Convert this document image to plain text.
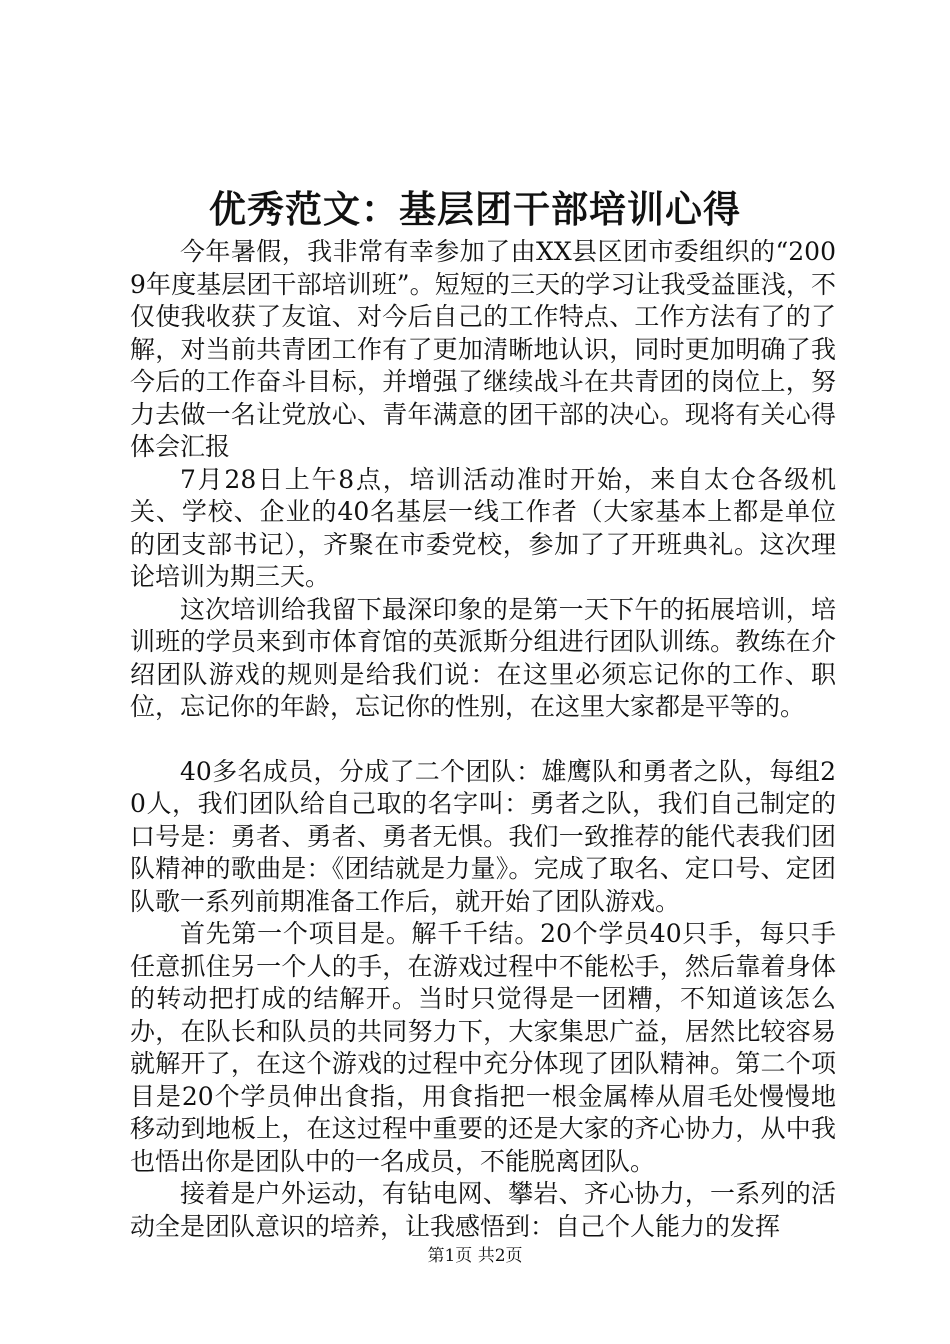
优秀范文：基层团干部培训心得

今年暑假，我非常有幸参加了由XX县区团市委组织的“2009年度基层团干部培训班”。短短的三天的学习让我受益匪浅，不仅使我收获了友谊、对今后自己的工作特点、工作方法有了的了解，对当前共青团工作有了更加清晰地认识，同时更加明确了我今后的工作奋斗目标，并增强了继续战斗在共青团的岗位上，努力去做一名让党放心、青年满意的团干部的决心。现将有关心得体会汇报

7月28日上午8点，培训活动准时开始，来自太仓各级机关、学校、企业的40名基层一线工作者（大家基本上都是单位的团支部书记），齐聚在市委党校，参加了了开班典礼。这次理论培训为期三天。

这次培训给我留下最深印象的是第一天下午的拓展培训，培训班的学员来到市体育馆的英派斯分组进行团队训练。教练在介绍团队游戏的规则是给我们说：在这里必须忘记你的工作、职位，忘记你的年龄，忘记你的性别，在这里大家都是平等的。

40多名成员，分成了二个团队：雄鹰队和勇者之队，每组20人，我们团队给自己取的名字叫：勇者之队，我们自己制定的口号是：勇者、勇者、勇者无惧。我们一致推荐的能代表我们团队精神的歌曲是：《团结就是力量》。完成了取名、定口号、定团队歌一系列前期准备工作后，就开始了团队游戏。

首先第一个项目是。解千千结。20个学员40只手，每只手任意抓住另一个人的手，在游戏过程中不能松手，然后靠着身体的转动把打成的结解开。当时只觉得是一团糟，不知道该怎么办，在队长和队员的共同努力下，大家集思广益，居然比较容易就解开了，在这个游戏的过程中充分体现了团队精神。第二个项目是20个学员伸出食指，用食指把一根金属棒从眉毛处慢慢地移动到地板上，在这过程中重要的还是大家的齐心协力，从中我也悟出你是团队中的一名成员，不能脱离团队。

接着是户外运动，有钻电网、攀岩、齐心协力，一系列的活动全是团队意识的培养，让我感悟到：自己个人能力的发挥

第1页 共2页
